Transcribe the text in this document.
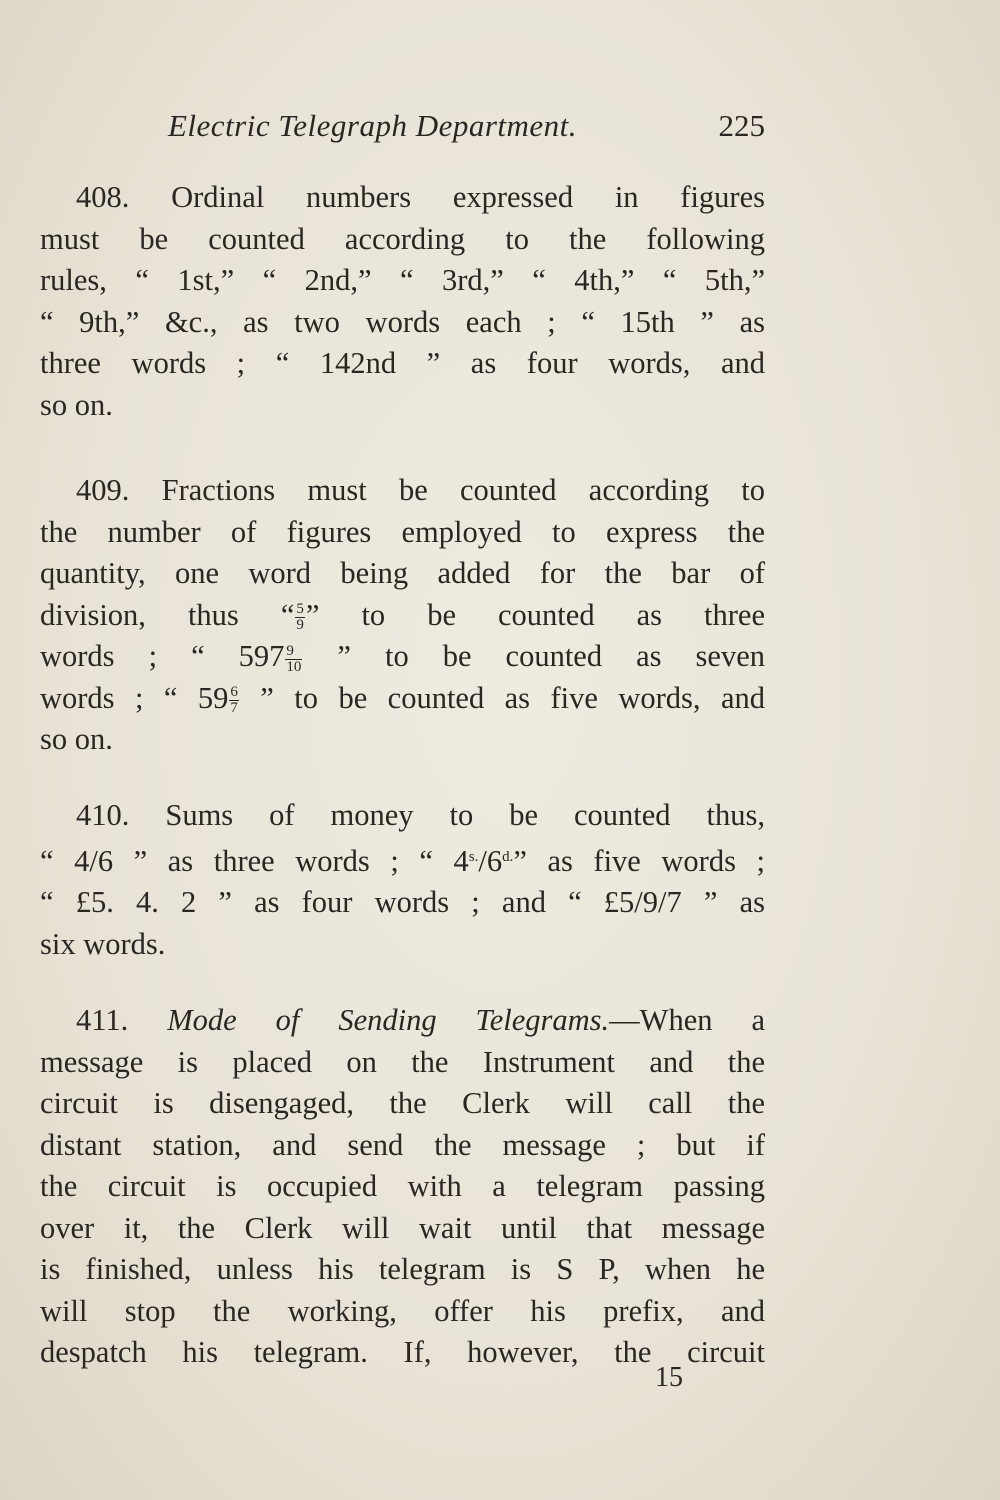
Electric Telegraph Department.	225
408. Ordinal numbers expressed in figures
must be counted according to the following
rules, “ 1st,” “ 2nd,” “ 3rd,” “ 4th,” “ 5th,”
“ 9th,” &c., as two words each ; “ 15th ” as
three words ; “ 142nd ” as four words, and
so on.
409. Fractions must be counted according to
the number of figures employed to express the
quantity, one word being added for the bar of
division, thus “ $\frac{5}{9}$ ” to be counted as three
words ; “ $597 \frac{9}{10}$ ” to be counted as seven
words ; “ $59 \frac{6}{7}$ ” to be counted as five words, and
so on.
410. Sums of money to be counted thus,
“ 4/6 ” as three words ; “ $4^{s.}/6^{d.}$” as five words ;
“ £5. 4. 2 ” as four words ; and “ £5/9/7 ” as
six words.
411. Mode of Sending Telegrams.—When a
message is placed on the Instrument and the
circuit is disengaged, the Clerk will call the
distant station, and send the message ; but if
the circuit is occupied with a telegram passing
over it, the Clerk will wait until that message
is finished, unless his telegram is S P, when he
will stop the working, offer his prefix, and
despatch his telegram. If, however, the circuit
15
